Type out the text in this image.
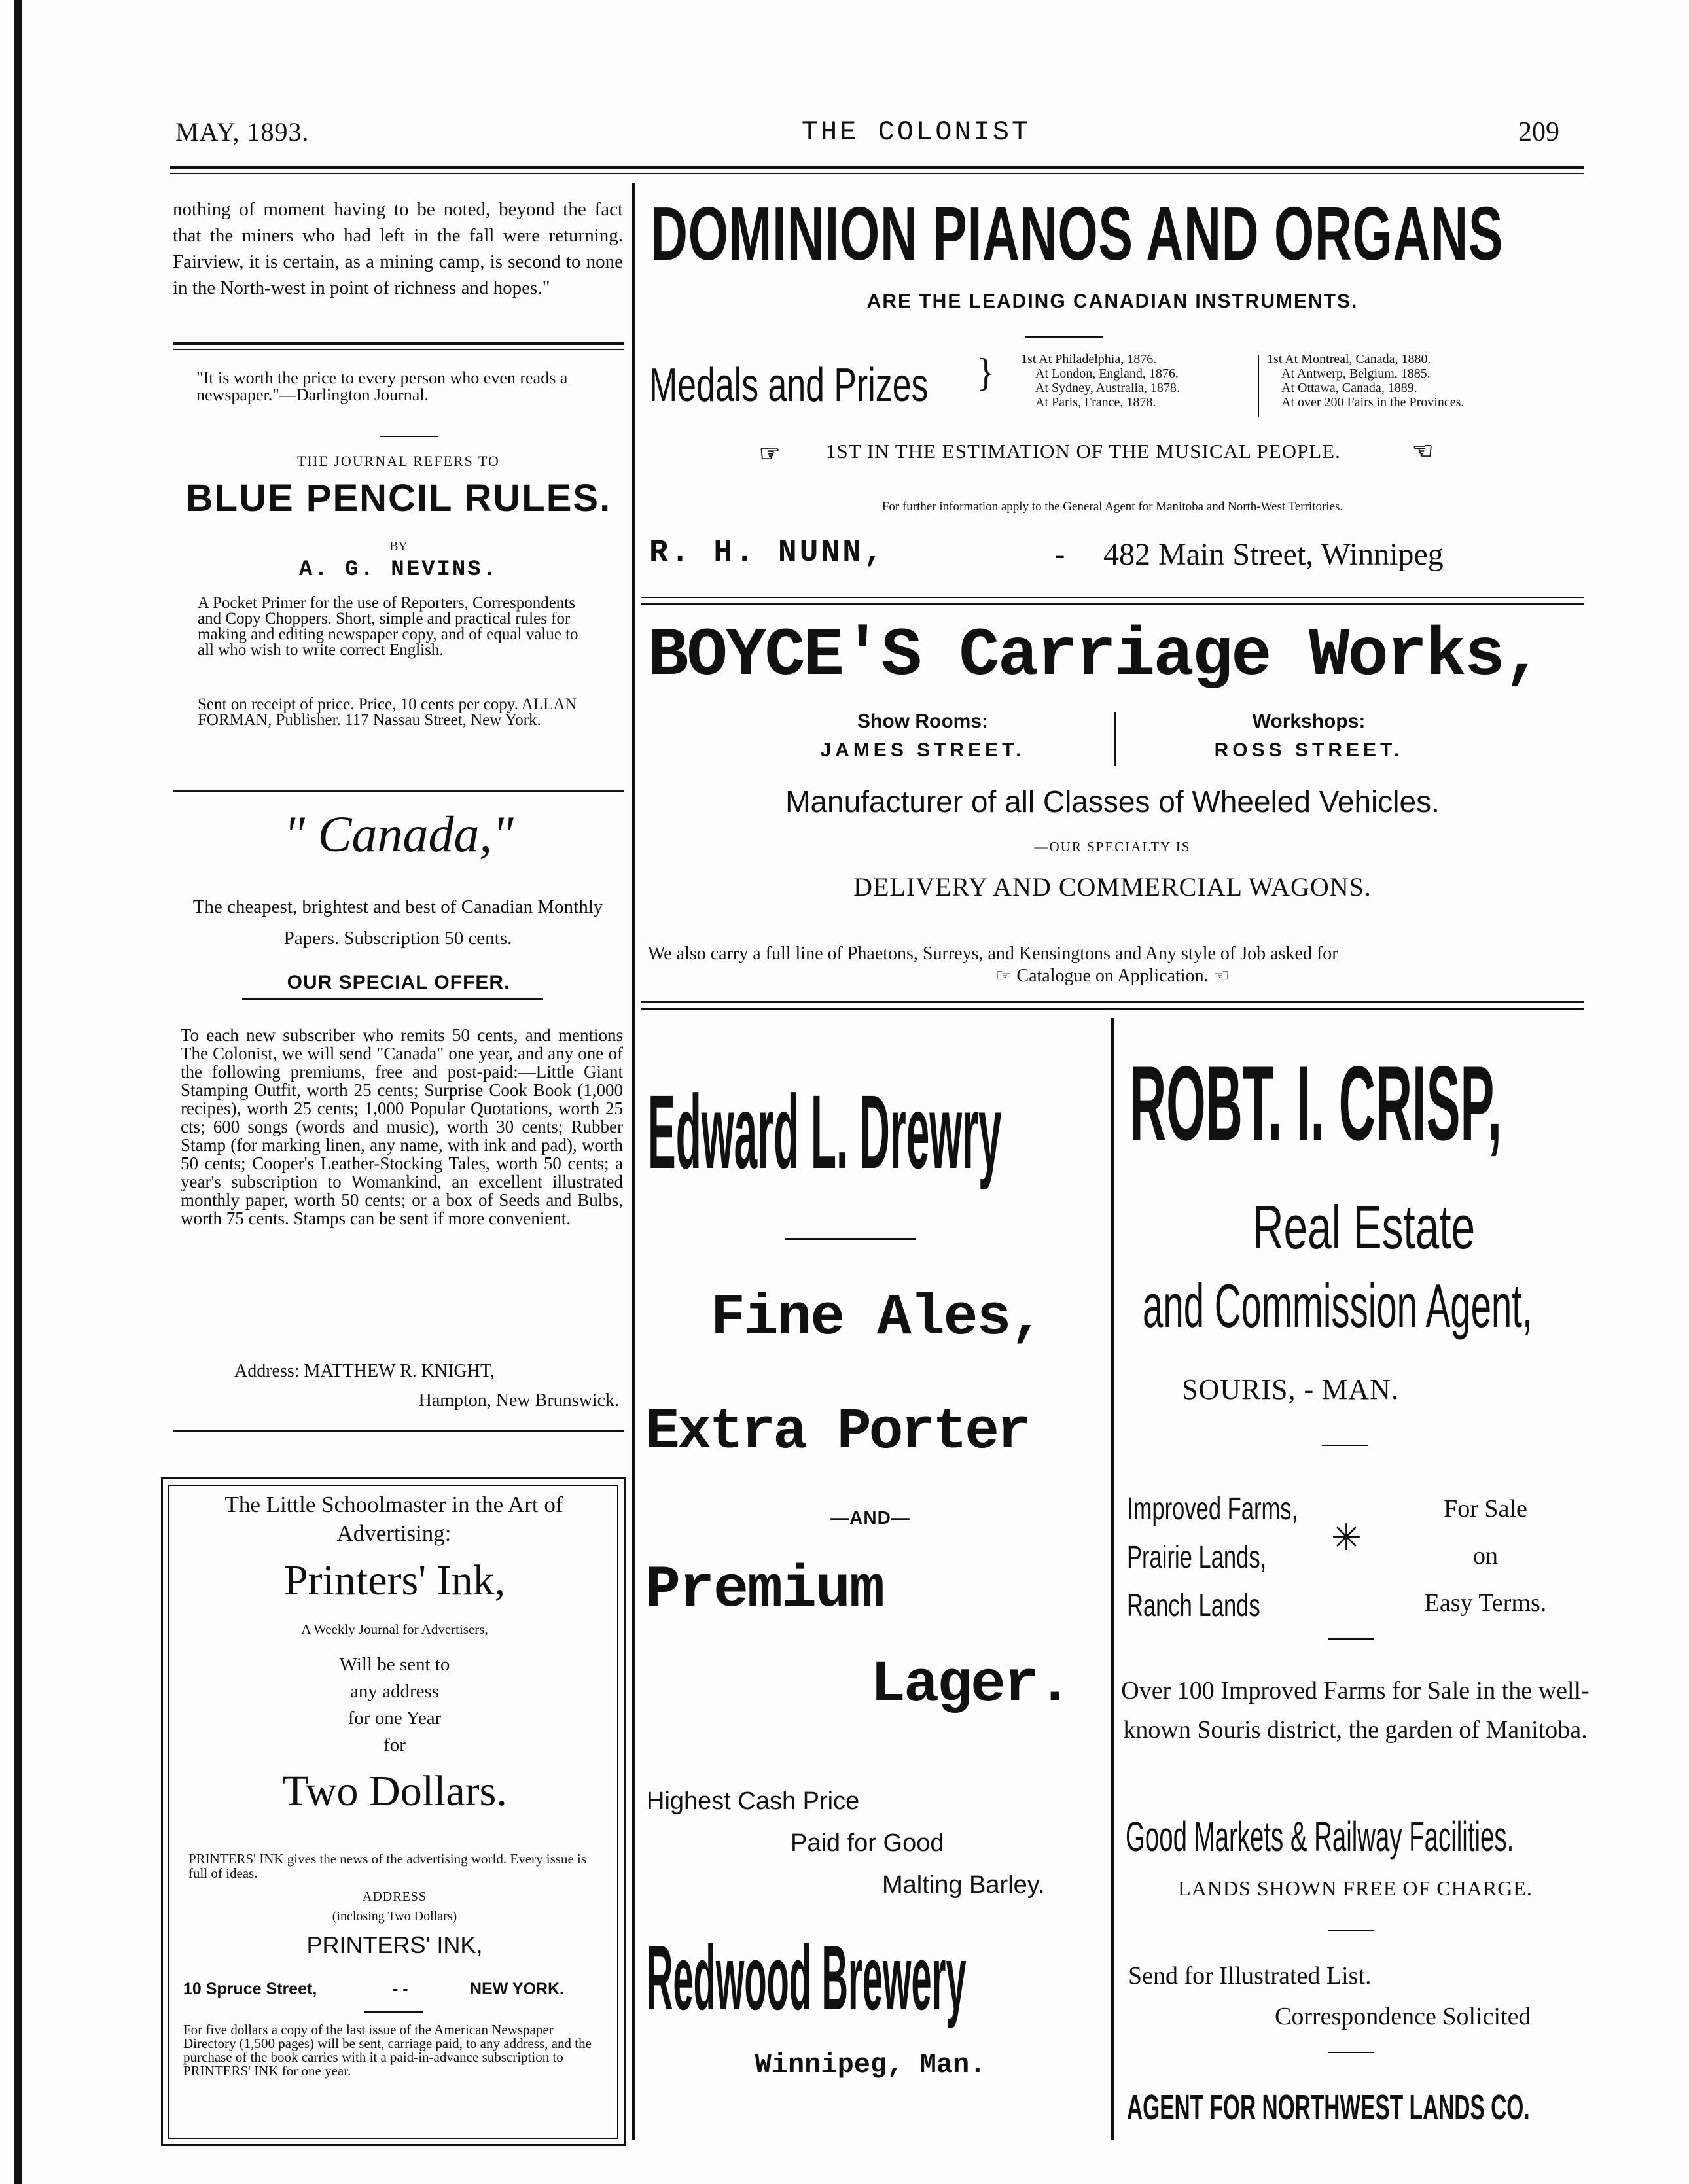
MAY, 1893.	THE COLONIST	209
nothing of moment having to be noted, beyond the fact that the miners who had left in the fall were returning. Fairview, it is certain, as a mining camp, is second to none in the North-west in point of richness and hopes."
"It is worth the price to every person who even reads a newspaper."—Darlington Journal.
THE JOURNAL REFERS TO
BLUE PENCIL RULES.
BY
A. G. NEVINS.
A Pocket Primer for the use of Reporters, Correspondents and Copy Choppers. Short, simple and practical rules for making and editing newspaper copy, and of equal value to all who wish to write correct English.
Sent on receipt of price. Price, 10 cents per copy. ALLAN FORMAN, Publisher. 117 Nassau Street, New York.
" Canada,"
The cheapest, brightest and best of Canadian Monthly Papers. Subscription 50 cents.
OUR SPECIAL OFFER.
To each new subscriber who remits 50 cents, and mentions The Colonist, we will send "Canada" one year, and any one of the following premiums, free and post-paid:—Little Giant Stamping Outfit, worth 25 cents; Surprise Cook Book (1,000 recipes), worth 25 cents; 1,000 Popular Quotations, worth 25 cts; 600 songs (words and music), worth 30 cents; Rubber Stamp (for marking linen, any name, with ink and pad), worth 50 cents; Cooper's Leather-Stocking Tales, worth 50 cents; a year's subscription to Womankind, an excellent illustrated monthly paper, worth 50 cents; or a box of Seeds and Bulbs, worth 75 cents. Stamps can be sent if more convenient.
Address: MATTHEW R. KNIGHT,
Hampton, New Brunswick.
The Little Schoolmaster in the Art of Advertising:
Printers' Ink,
A Weekly Journal for Advertisers,
Will be sent to
any address
for one Year
for
Two Dollars.
PRINTERS' INK gives the news of the advertising world. Every issue is full of ideas.
ADDRESS
(inclosing Two Dollars)
PRINTERS' INK,
10 Spruce Street,	- -	NEW YORK.
For five dollars a copy of the last issue of the American Newspaper Directory (1,500 pages) will be sent, carriage paid, to any address, and the purchase of the book carries with it a paid-in-advance subscription to PRINTERS' INK for one year.
DOMINION PIANOS AND ORGANS
ARE THE LEADING CANADIAN INSTRUMENTS.
Medals and Prizes } 1st At Philadelphia, 1876.
At London, England, 1876.
At Sydney, Australia, 1878.
At Paris, France, 1878.
1st At Montreal, Canada, 1880.
At Antwerp, Belgium, 1885.
At Ottawa, Canada, 1889.
At over 200 Fairs in the Provinces.
☞ 1ST IN THE ESTIMATION OF THE MUSICAL PEOPLE.	☞
For further information apply to the General Agent for Manitoba and North-West Territories.
R. H. NUNN,	- 482 Main Street, Winnipeg
BOYCE'S Carriage Works,
Show Rooms:
JAMES STREET.
Workshops:
ROSS STREET.
Manufacturer of all Classes of Wheeled Vehicles.
—OUR SPECIALTY IS
DELIVERY AND COMMERCIAL WAGONS.
We also carry a full line of Phaetons, Surreys, and Kensingtons and Any style of Job asked for
☞ Catalogue on Application. ☜
Edward L. Drewry
Fine Ales,
Extra Porter
—AND—
Premium
Lager.
Highest Cash Price
Paid for Good
Malting Barley.
Redwood Brewery
Winnipeg, Man.
ROBT. I. CRISP,
Real Estate
and Commission Agent,
SOURIS, - MAN.
Improved Farms,
Prairie Lands,
Ranch Lands
✳
For Sale
on
Easy Terms.
Over 100 Improved Farms for Sale in the well-known Souris district, the garden of Manitoba.
Good Markets & Railway Facilities.
LANDS SHOWN FREE OF CHARGE.
Send for Illustrated List.
Correspondence Solicited
AGENT FOR NORTHWEST LANDS CO.
